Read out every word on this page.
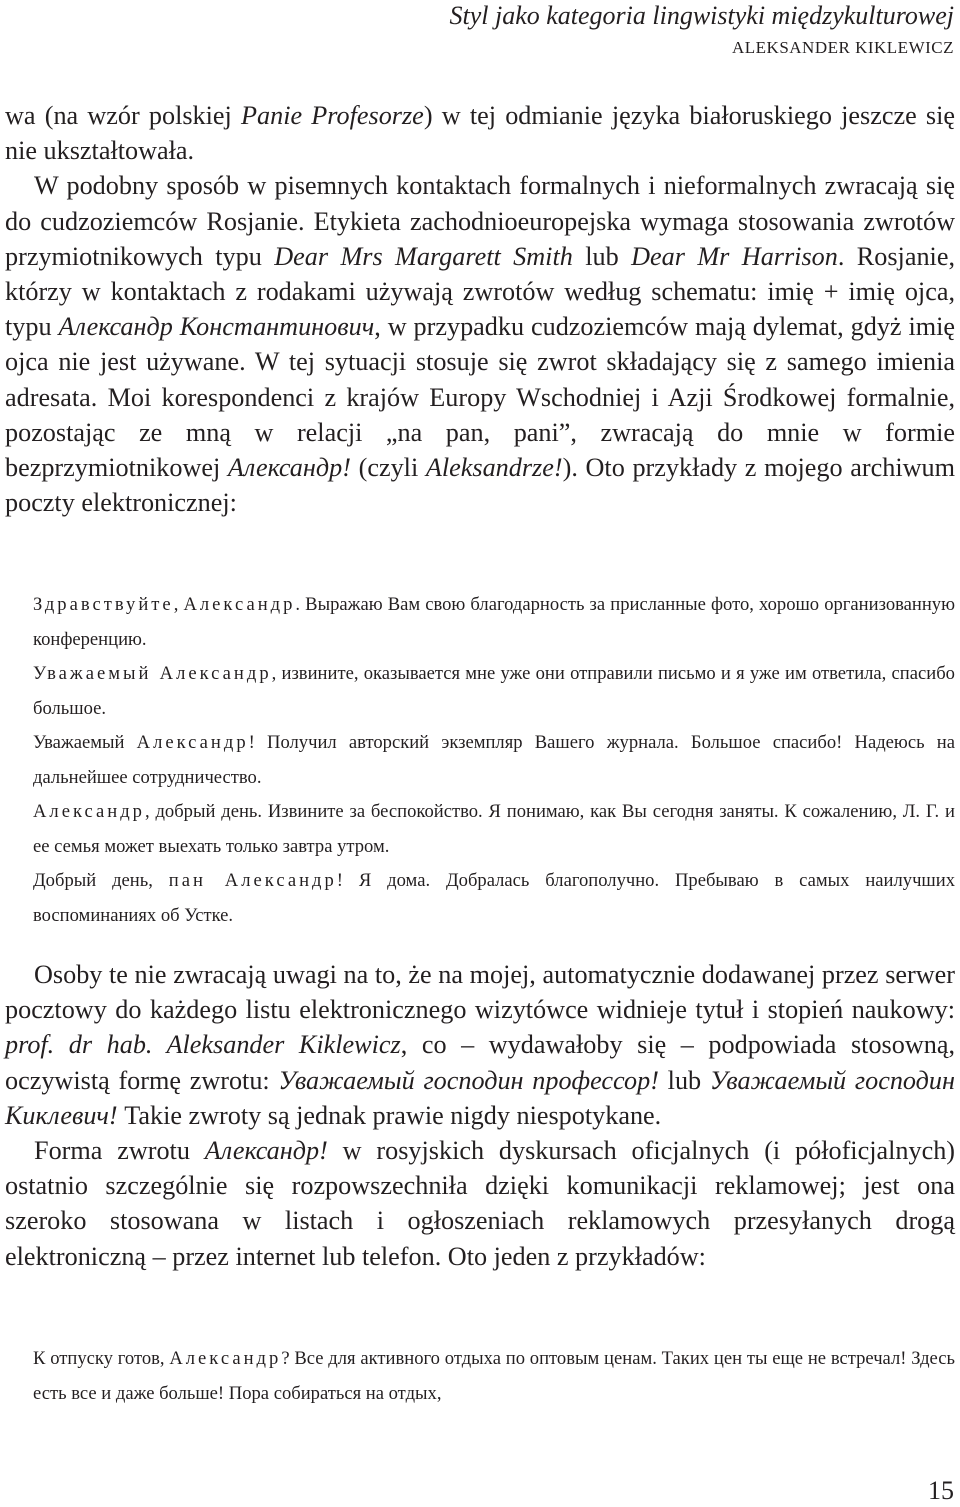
Styl jako kategoria lingwistyki międzykulturowej
ALEKSANDER KIKLEWICZ

wa (na wzór polskiej Panie Profesorze) w tej odmianie języka białoruskiego jeszcze się nie ukształtowała.

W podobny sposób w pisemnych kontaktach formalnych i nieformalnych zwracają się do cudzoziemców Rosjanie. Etykieta zachodnioeuropejska wymaga stosowania zwrotów przymiotnikowych typu Dear Mrs Margarett Smith lub Dear Mr Harrison. Rosjanie, którzy w kontaktach z rodakami używają zwrotów według schematu: imię + imię ojca, typu Александр Константинович, w przypadku cudzoziemców mają dylemat, gdyż imię ojca nie jest używane. W tej sytuacji stosuje się zwrot składający się z samego imienia adresata. Moi korespondenci z krajów Europy Wschodniej i Azji Środkowej formalnie, pozostając ze mną w relacji „na pan, pani”, zwracają do mnie w formie bezprzymiotnikowej Александр! (czyli Aleksandrze!). Oto przykłady z mojego archiwum poczty elektronicznej:

Здравствуйте, Александр. Выражаю Вам свою благодарность за присланные фото, хорошо организованную конференцию.

Уважаемый Александр, извините, оказывается мне уже они отправили письмо и я уже им ответила, спасибо большое.

Уважаемый Александр! Получил авторский экземпляр Вашего журнала. Большое спасибо! Надеюсь на дальнейшее сотрудничество.

Александр, добрый день. Извините за беспокойство. Я понимаю, как Вы сегодня заняты. К сожалению, Л. Г. и ее семья может выехать только завтра утром.

Добрый день, пан Александр! Я дома. Добралась благополучно. Пребываю в самых наилучших воспоминаниях об Устке.

Osoby te nie zwracają uwagi na to, że na mojej, automatycznie dodawanej przez serwer pocztowy do każdego listu elektronicznego wizytówce widnieje tytuł i stopień naukowy: prof. dr hab. Aleksander Kiklewicz, co – wydawałoby się – podpowiada stosowną, oczywistą formę zwrotu: Уважаемый господин профессор! lub Уважаемый господин Киклевич! Takie zwroty są jednak prawie nigdy niespotykane.

Forma zwrotu Александр! w rosyjskich dyskursach oficjalnych (i półoficjalnych) ostatnio szczególnie się rozpowszechniła dzięki komunikacji reklamowej; jest ona szeroko stosowana w listach i ogłoszeniach reklamowych przesyłanych drogą elektroniczną – przez internet lub telefon. Oto jeden z przykładów:

К отпуску готов, Александр? Все для активного отдыха по оптовым ценам. Таких цен ты еще не встречал! Здесь есть все и даже больше! Пора собираться на отдых,

15
